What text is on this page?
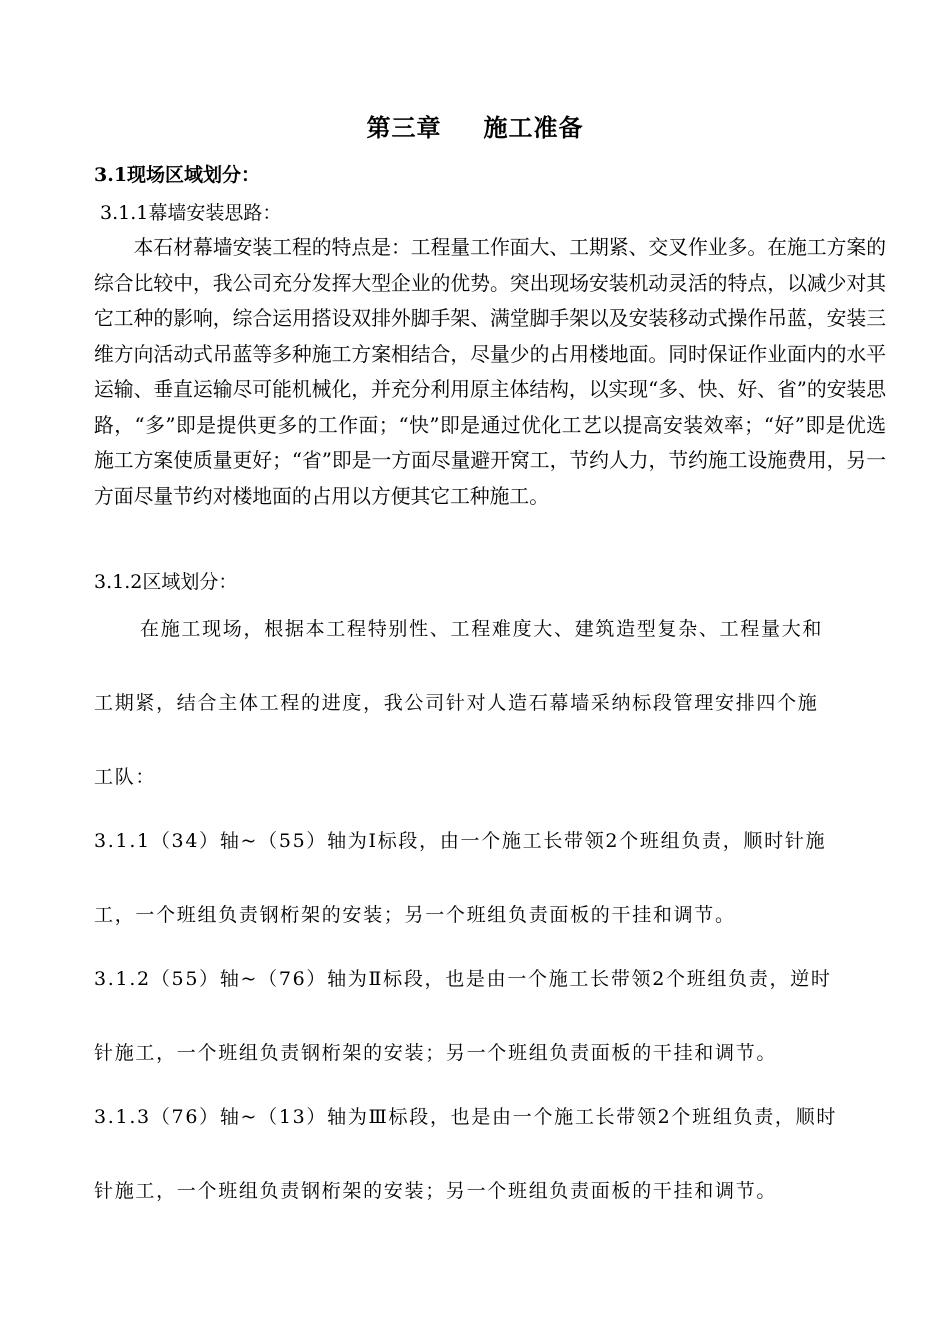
第三章 施工准备
3.1现场区域划分：
3.1.1幕墙安装思路：
本石材幕墙安装工程的特点是：工程量工作面大、工期紧、交叉作业多。在施工方案的综合比较中，我公司充分发挥大型企业的优势。突出现场安装机动灵活的特点，以减少对其它工种的影响，综合运用搭设双排外脚手架、满堂脚手架以及安装移动式操作吊蓝，安装三维方向活动式吊蓝等多种施工方案相结合，尽量少的占用楼地面。同时保证作业面内的水平运输、垂直运输尽可能机械化，并充分利用原主体结构，以实现“多、快、好、省”的安装思路，“多”即是提供更多的工作面；“快”即是通过优化工艺以提高安装效率；“好”即是优选施工方案使质量更好；“省”即是一方面尽量避开窝工，节约人力，节约施工设施费用，另一方面尽量节约对楼地面的占用以方便其它工种施工。
3.1.2区域划分：
在施工现场，根据本工程特别性、工程难度大、建筑造型复杂、工程量大和
工期紧，结合主体工程的进度，我公司针对人造石幕墙采纳标段管理安排四个施
工队：
3.1.1（34）轴~（55）轴为Ⅰ标段，由一个施工长带领2个班组负责，顺时针施
工，一个班组负责钢桁架的安装；另一个班组负责面板的干挂和调节。
3.1.2（55）轴~（76）轴为Ⅱ标段，也是由一个施工长带领2个班组负责，逆时
针施工，一个班组负责钢桁架的安装；另一个班组负责面板的干挂和调节。
3.1.3（76）轴~（13）轴为Ⅲ标段，也是由一个施工长带领2个班组负责，顺时
针施工，一个班组负责钢桁架的安装；另一个班组负责面板的干挂和调节。
